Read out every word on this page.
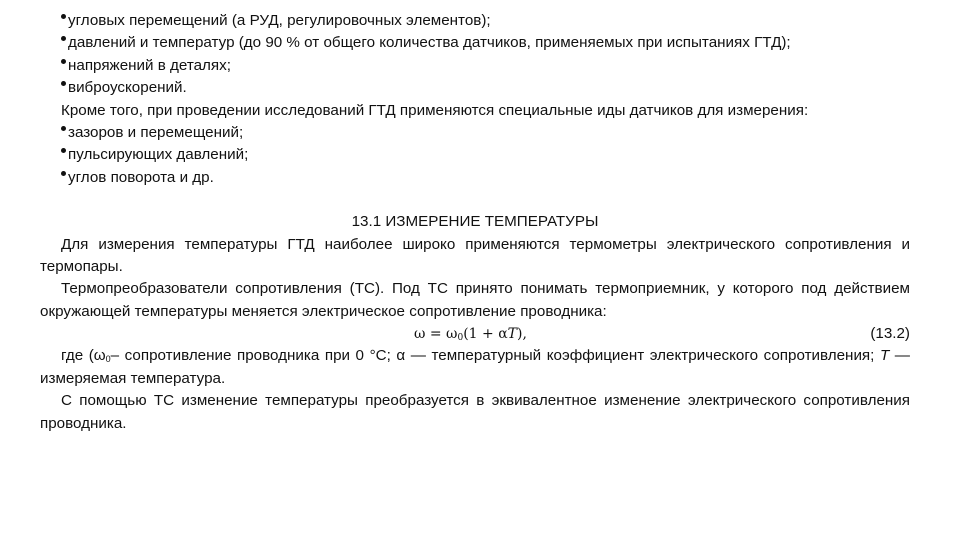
угловых перемещений (а РУД, регулировочных элементов);

давлений и температур (до 90 % от общего количества датчиков, применяемых при испытаниях ГТД);

напряжений в деталях;

виброускорений.

Кроме того, при проведении исследований ГТД применяются специальные иды датчиков для измерения:

зазоров и перемещений;

пульсирующих давлений;

углов поворота и др.

13.1 ИЗМЕРЕНИЕ ТЕМПЕРАТУРЫ

Для измерения температуры ГТД наиболее широко применяются термометры электрического сопротивления и термопары.

Термопреобразователи сопротивления (ТС). Под ТС принято понимать термоприемник, у которого под действием окружающей температуры меняется электрическое сопротивление проводника:

$\omega = \omega_0(1 + \alpha T)$,	(13.2)

где ($\omega_0-$ сопротивление проводника при 0 °С; α — температурный коэффициент электрического сопротивления; T — измеряемая температура.

С помощью ТС изменение температуры преобразуется в эквивалентное изменение электрического сопротивления проводника.
